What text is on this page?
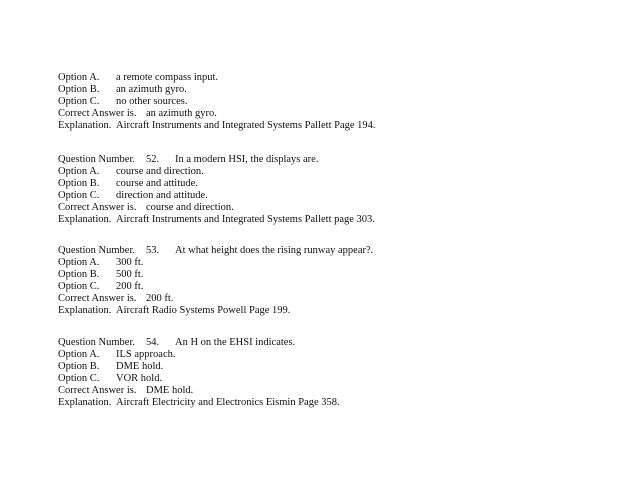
Option A.

a remote compass input.

Option B.

an azimuth gyro.

Option C.

no other sources.

Correct Answer is.

an azimuth gyro.

Explanation.

Aircraft Instruments and Integrated Systems Pallett Page 194.

Question Number.

52.

In a modern HSI, the displays are.

Option A.

course and direction.

Option B.

course and attitude.

Option C.

direction and attitude.

Correct Answer is.

course and direction.

Explanation.

Aircraft Instruments and Integrated Systems Pallett page 303.

Question Number.

53.

At what height does the rising runway appear?.

Option A.

300 ft.

Option B.

500 ft.

Option C.

200 ft.

Correct Answer is.

200 ft.

Explanation.

Aircraft Radio Systems Powell Page 199.

Question Number.

54.

An H on the EHSI indicates.

Option A.

ILS approach.

Option B.

DME hold.

Option C.

VOR hold.

Correct Answer is.

DME hold.

Explanation.

Aircraft Electricity and Electronics Eismin Page 358.
